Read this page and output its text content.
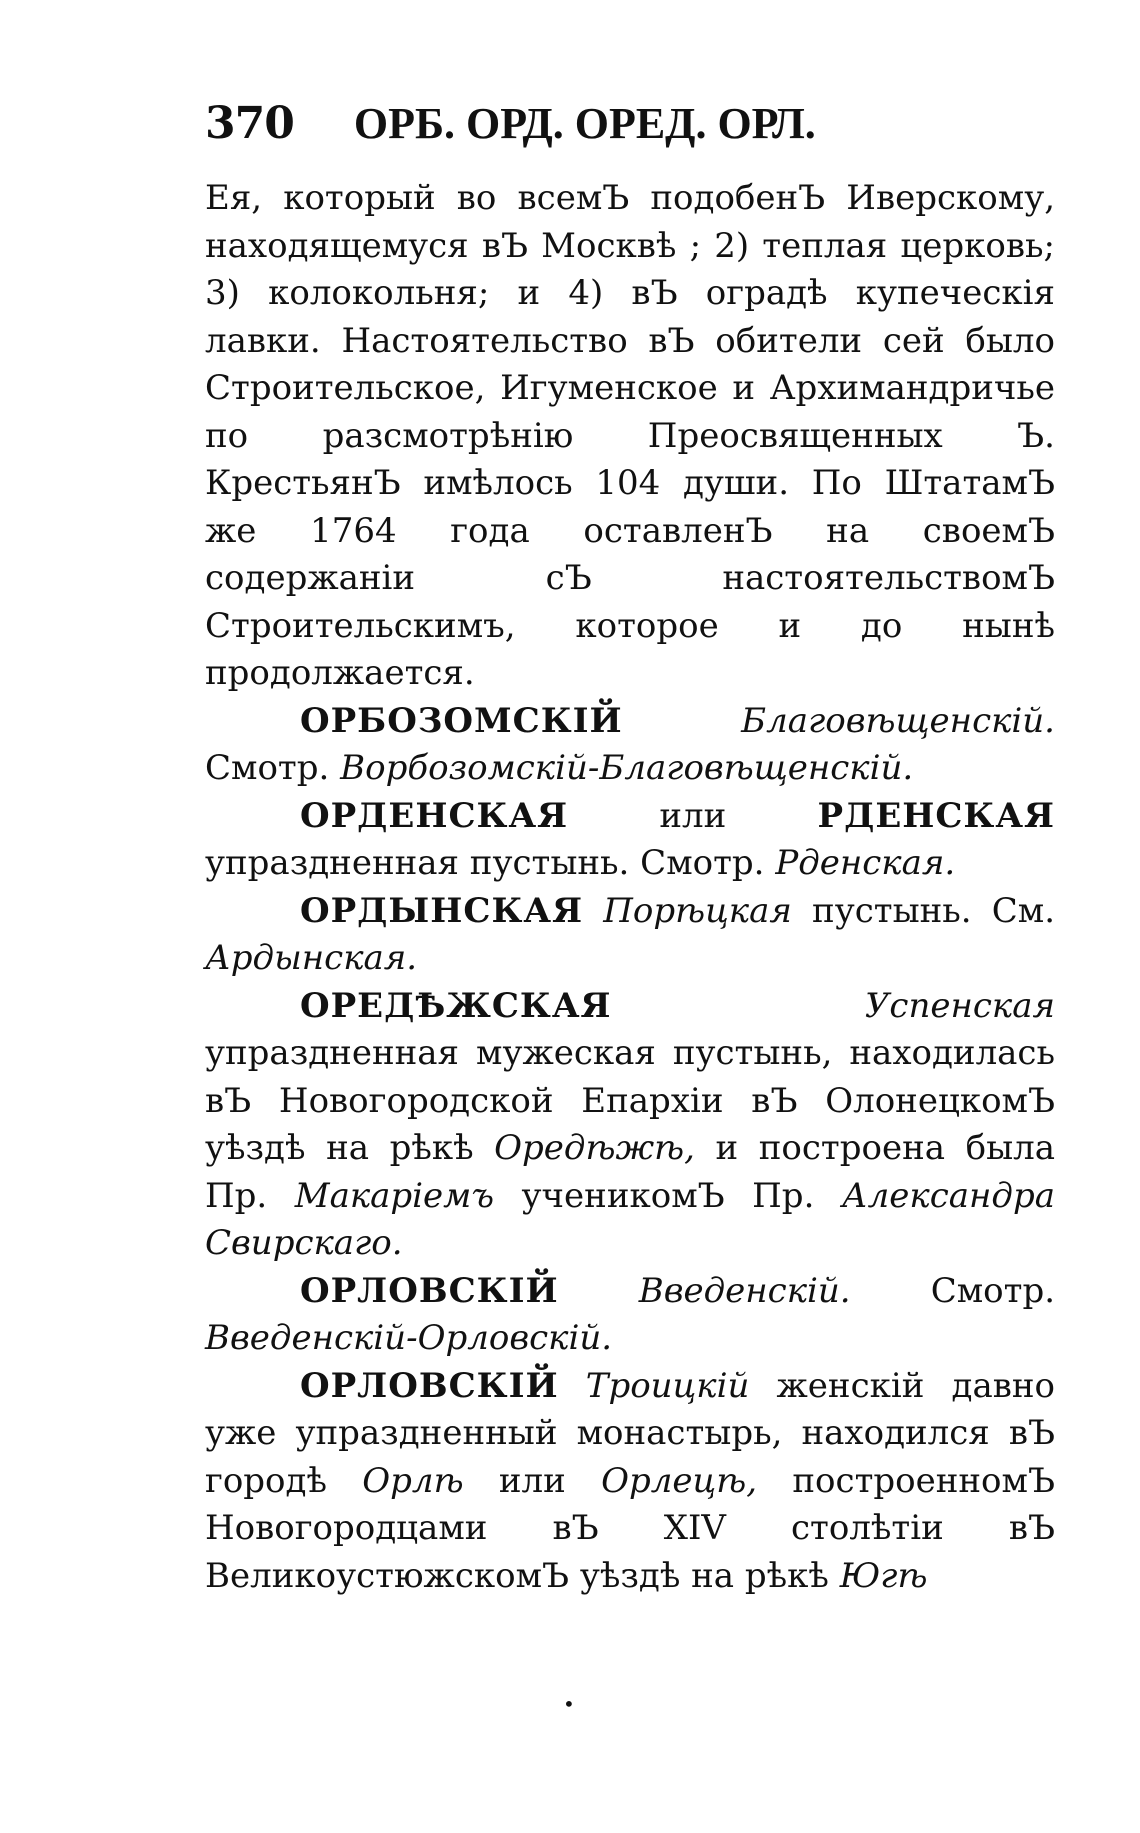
370 ОРБ. ОРД. ОРЕД. ОРЛ.

Ея, который во всемЪ подобенЪ Иверскому, находящемуся вЪ Москвѣ ; 2) теплая церковь; 3) колокольня; и 4) вЪ оградѣ купеческія лавки. Настоятельство вЪ обители сей было Строительское, Игуменское и Архимандричье по разсмотрѣнію Преосвященных Ъ. КрестьянЪ имѣлось 104 души. По ШтатамЪ же 1764 года оставленЪ на своемЪ содержаніи сЪ настоятельствомЪ Строительскимъ, которое и до нынѣ продолжается.

ОРБОЗОМСКІЙ	Благовѣщенскій. Смотр. Ворбозомскій-Благовѣщенскій.

ОРДЕНСКАЯ	или	РДЕНСКАЯ упраздненная пустынь. Смотр. Рденская.

ОРДЫНСКАЯ Порѣцкая пустынь. См. Ардынская.

ОРЕДѢЖСКАЯ	Успенская упраздненная мужеская пустынь, находилась вЪ Новогородской Епархіи вЪ ОлонецкомЪ уѣздѣ на рѣкѣ Оредѣжѣ, и построена была Пр. Макаріемъ ученикомЪ Пр. Александра Свирскаго.

ОРЛОВСКІЙ Введенскій. Смотр. Введенскій-Орловскій.

ОРЛОВСКІЙ Троицкій женскій давно уже упраздненный монастырь, находился вЪ городѣ Орлѣ или Орлецѣ, построенномЪ Новогородцами вЪ XIV столѣтіи вЪ ВеликоустюжскомЪ уѣздѣ на рѣкѣ Югѣ

•
